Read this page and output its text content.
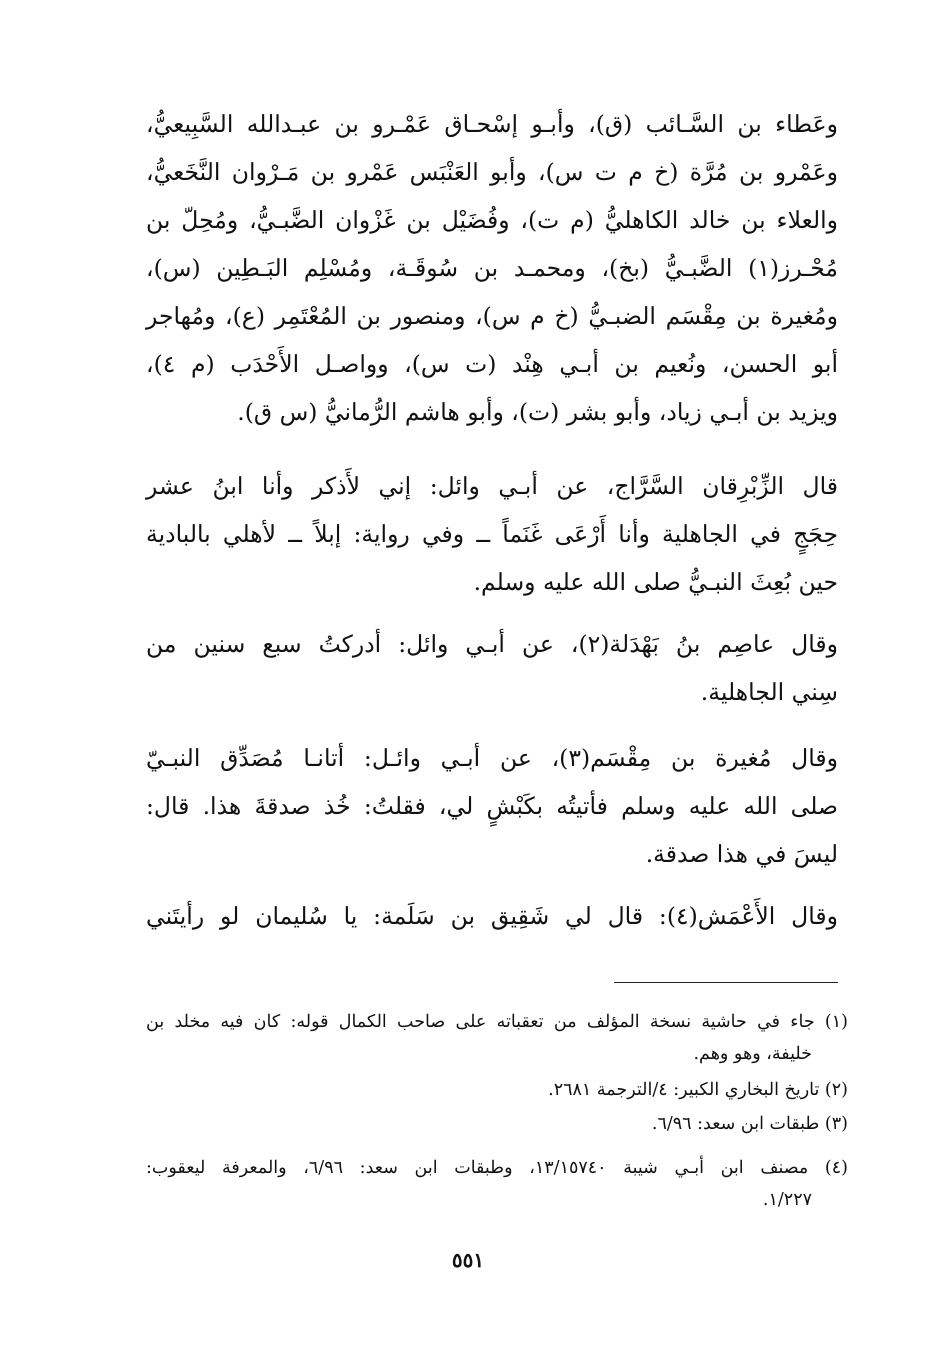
وعَطاء بن السَّـائب (ق)، وأبـو إسْحـاق عَمْـرو بن عبـدالله السَّبِيعيُّ،
وعَمْرو بن مُرَّة (خ م ت س)، وأبو العَنْبَس عَمْرو بن مَـرْوان النَّخَعيُّ،
والعلاء بن خالد الكاهليُّ (م ت)، وفُضَيْل بن غَزْوان الضَّبـيُّ، ومُحِلّ بن
مُحْـرز(١) الضَّبـيُّ (بخ)، ومحمـد بن سُوقَـة، ومُسْلِم البَـطِين (س)،
ومُغيرة بن مِقْسَم الضبـيُّ (خ م س)، ومنصور بن المُعْتَمِر (ع)، ومُهاجر
أبو الحسن، ونُعيم بن أبـي هِنْد (ت س)، وواصـل الأَحْدَب (م ٤)،
ويزيد بن أبـي زياد، وأبو بشر (ت)، وأبو هاشم الرُّمانيُّ (س ق).
قال الزِّبْرِقان السَّرَّاج، عن أبـي وائل: إني لأَذكر وأنا ابنُ عشر
حِجَجٍ في الجاهلية وأنا أَرْعَى غَنَماً ــ وفي رواية: إبلاً ــ لأهلي بالبادية
حين بُعِثَ النبـيُّ صلى الله عليه وسلم.
وقال عاصِم بنُ بَهْدَلة(٢)، عن أبـي وائل: أدركتُ سبع سنين من
سِني الجاهلية.
وقال مُغيرة بن مِقْسَم(٣)، عن أبـي وائـل: أتانـا مُصَدِّق النبـيّ
صلى الله عليه وسلم فأتيتُه بكَبْشٍ لي، فقلتُ: خُذ صدقةَ هذا. قال:
ليسَ في هذا صدقة.
وقال الأَعْمَش(٤): قال لي شَقِيق بن سَلَمة: يا سُليمان لو رأيتَني
(١) جاء في حاشية نسخة المؤلف من تعقباته على صاحب الكمال قوله: كان فيه مخلد بن
خليفة، وهو وهم.
(٢) تاريخ البخاري الكبير: ٤/الترجمة ٢٦٨١.
(٣) طبقات ابن سعد: ٦/٩٦.
(٤) مصنف ابن أبـي شيبة ١٣/١٥٧٤٠، وطبقات ابن سعد: ٦/٩٦، والمعرفة ليعقوب:
١/٢٢٧.
٥٥١
